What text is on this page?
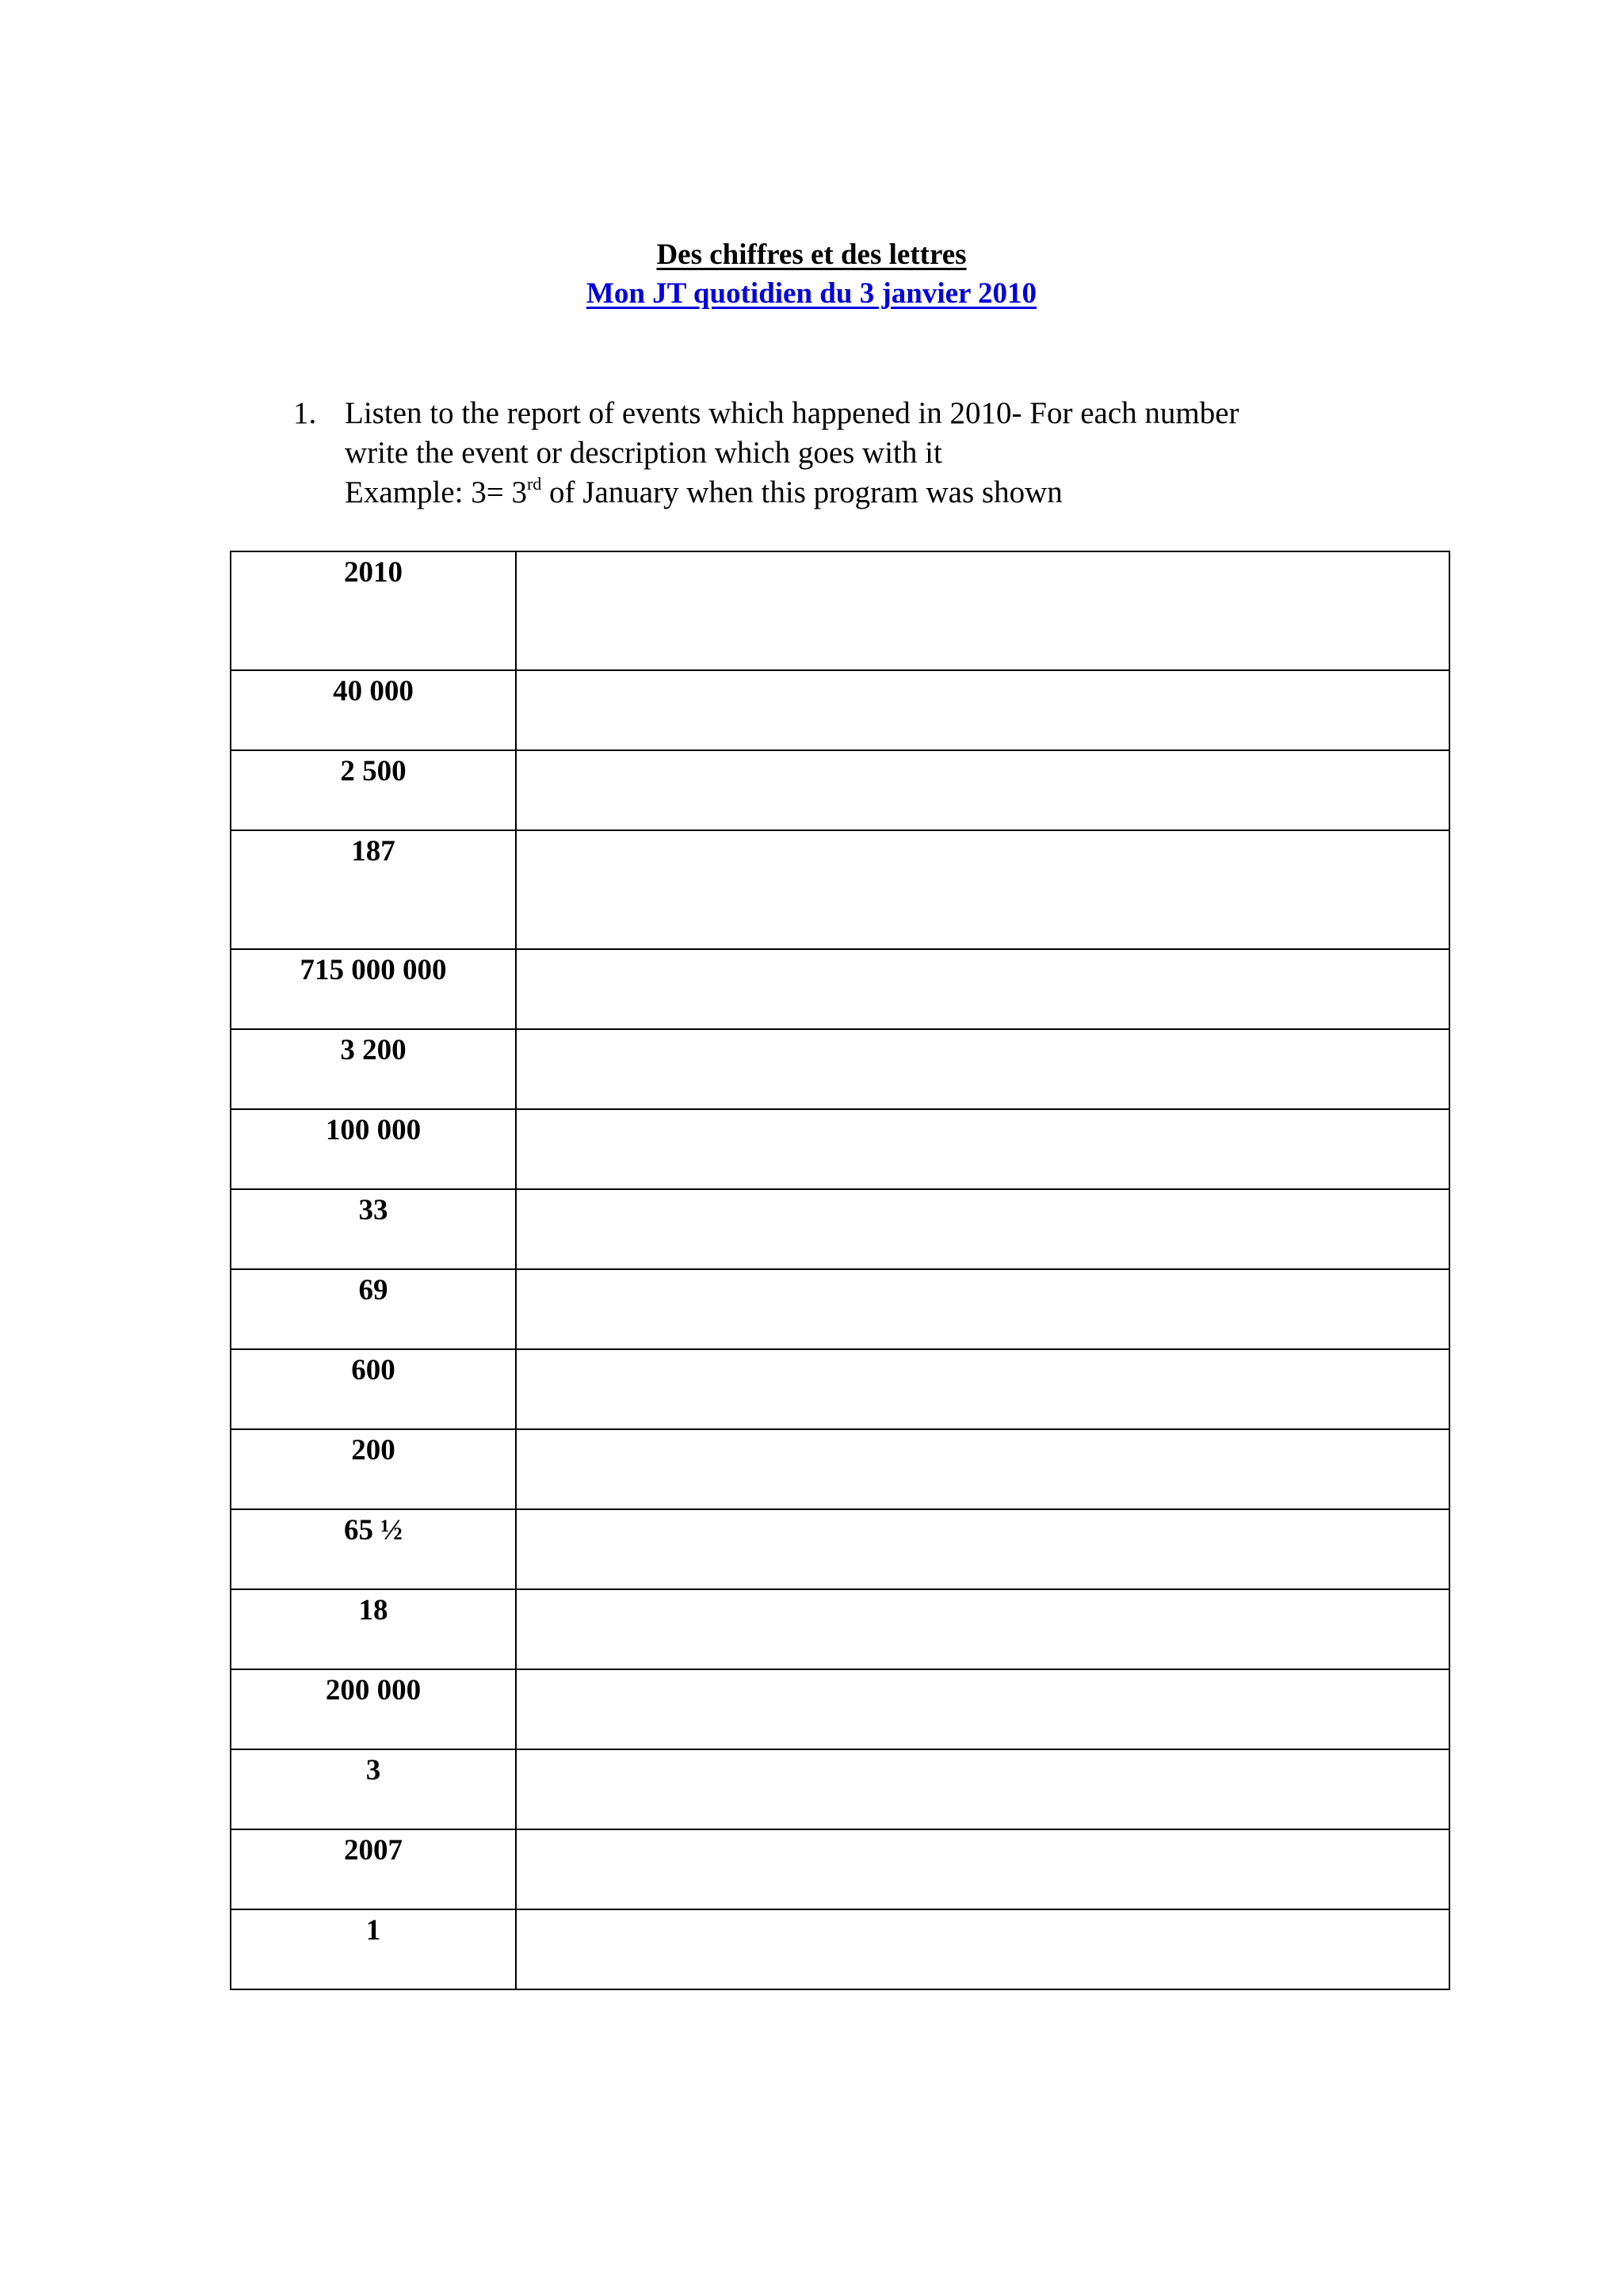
Des chiffres et des lettres
Mon JT quotidien du 3 janvier 2010
1. Listen to the report of events which happened in 2010- For each number
write the event or description which goes with it
Example: 3= 3rd of January when this program was shown
2010	
40 000	
2 500	
187	
715 000 000	
3 200	
100 000	
33	
69	
600	
200	
65 ½	
18	
200 000	
3	
2007	
1	
